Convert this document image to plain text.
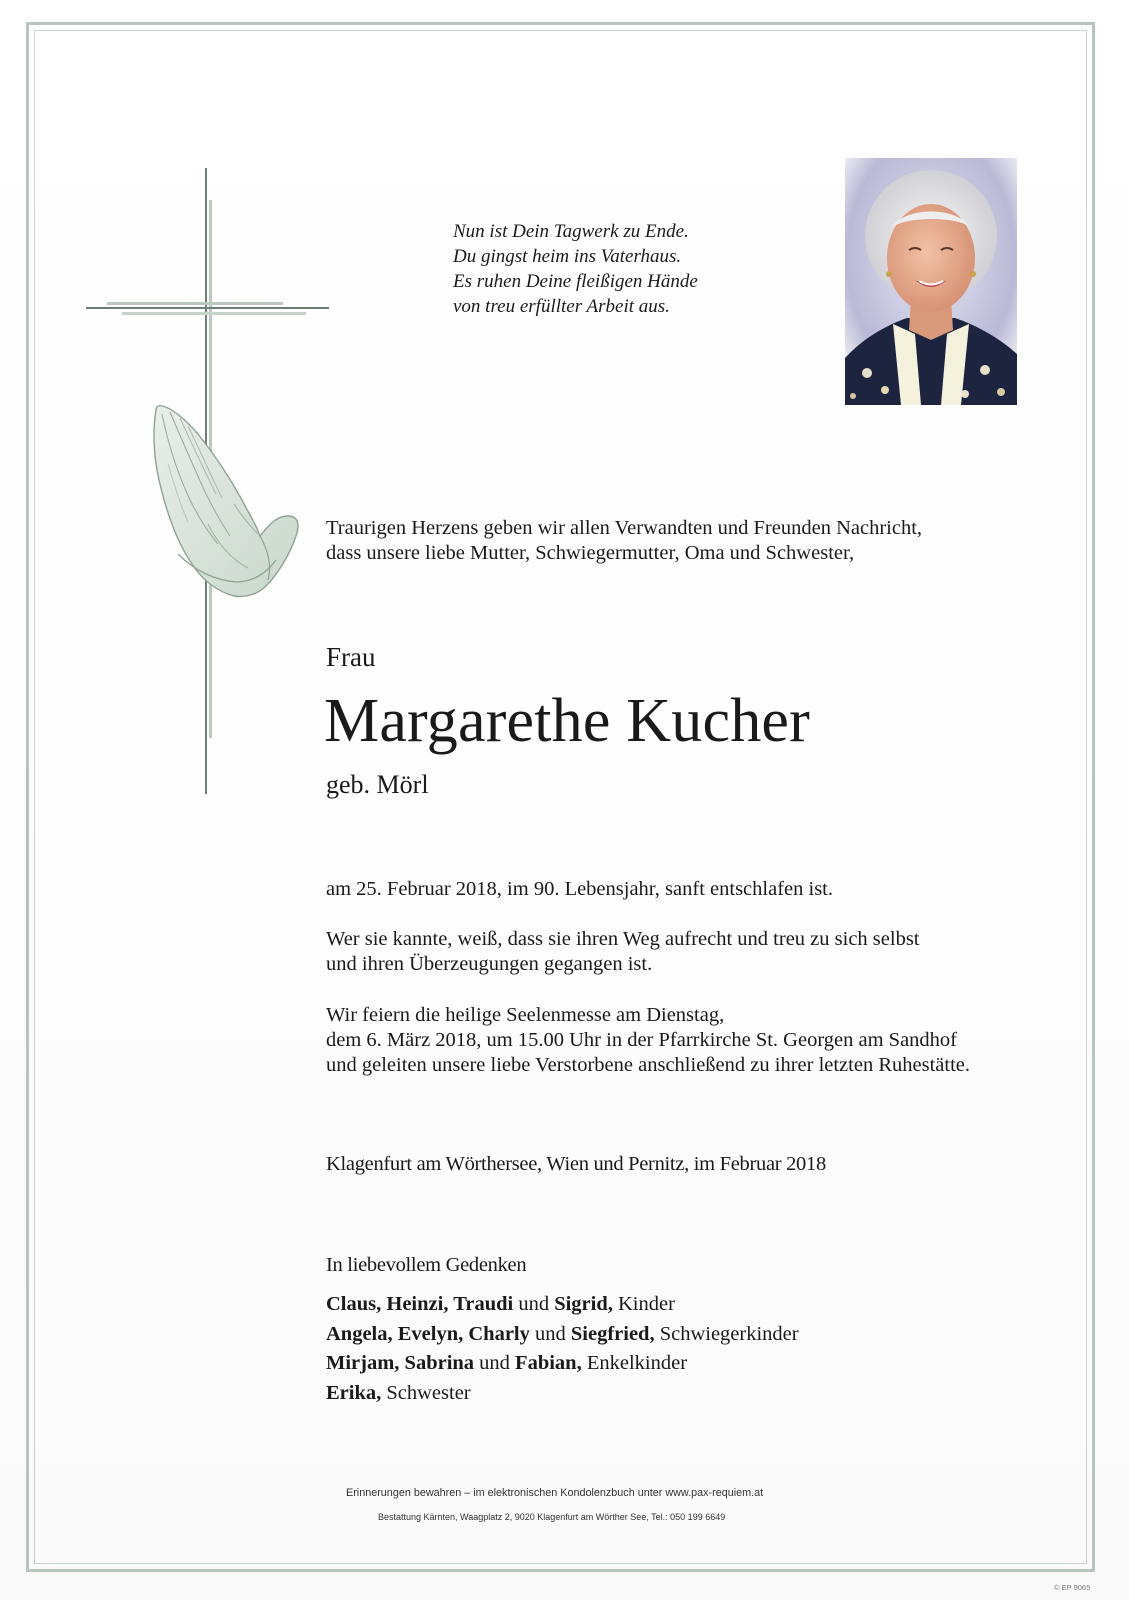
Nun ist Dein Tagwerk zu Ende.
Du gingst heim ins Vaterhaus.
Es ruhen Deine fleißigen Hände
von treu erfüllter Arbeit aus.
Traurigen Herzens geben wir allen Verwandten und Freunden Nachricht,
dass unsere liebe Mutter, Schwiegermutter, Oma und Schwester,
Frau
Margarethe Kucher
geb. Mörl
am 25. Februar 2018, im 90. Lebensjahr, sanft entschlafen ist.
Wer sie kannte, weiß, dass sie ihren Weg aufrecht und treu zu sich selbst
und ihren Überzeugungen gegangen ist.
Wir feiern die heilige Seelenmesse am Dienstag,
dem 6. März 2018, um 15.00 Uhr in der Pfarrkirche St. Georgen am Sandhof
und geleiten unsere liebe Verstorbene anschließend zu ihrer letzten Ruhestätte.
Klagenfurt am Wörthersee, Wien und Pernitz, im Februar 2018
In liebevollem Gedenken
Claus, Heinzi, Traudi und Sigrid, Kinder
Angela, Evelyn, Charly und Siegfried, Schwiegerkinder
Mirjam, Sabrina und Fabian, Enkelkinder
Erika, Schwester
Erinnerungen bewahren – im elektronischen Kondolenzbuch unter www.pax-requiem.at
Bestattung Kärnten, Waagplatz 2, 9020 Klagenfurt am Wörther See, Tel.: 050 199 6649
© EP 9065
